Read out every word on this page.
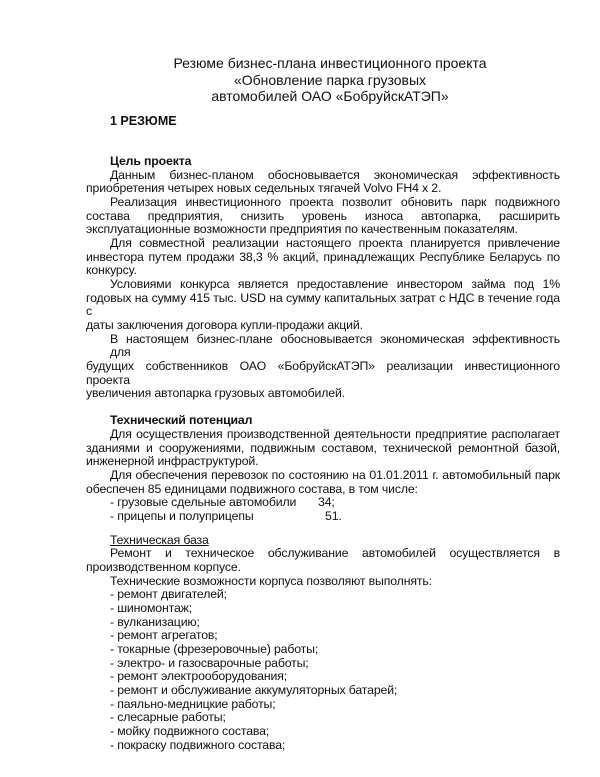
Резюме бизнес-плана инвестиционного проекта
«Обновление парка грузовых
автомобилей ОАО «БобруйскАТЭП»
1 РЕЗЮМЕ
Цель проекта
Данным бизнес-планом обосновывается экономическая эффективность
приобретения четырех новых седельных тягачей Volvo FH4 x 2.
Реализация инвестиционного проекта позволит обновить парк подвижного
состава предприятия, снизить уровень износа автопарка, расширить
эксплуатационные возможности предприятия по качественным показателям.
Для совместной реализации настоящего проекта планируется привлечение
инвестора путем продажи 38,3 % акций, принадлежащих Республике Беларусь по
конкурсу.
Условиями конкурса является предоставление инвестором займа под 1%
годовых на сумму 415 тыс. USD на сумму капитальных затрат с НДС в течение года с
даты заключения договора купли-продажи акций.
В настоящем бизнес-плане обосновывается экономическая эффективность для
будущих собственников ОАО «БобруйскАТЭП» реализации инвестиционного проекта
увеличения автопарка грузовых автомобилей.
Технический потенциал
Для осуществления производственной деятельности предприятие располагает
зданиями и сооружениями, подвижным составом, технической ремонтной базой,
инженерной инфраструктурой.
Для обеспечения перевозок по состоянию на 01.01.2011 г. автомобильный парк
обеспечен 85 единицами подвижного состава, в том числе:
- грузовые сдельные автомобили	34;
- прицепы и полуприцепы	51.
Техническая база
Ремонт и техническое обслуживание автомобилей осуществляется в
производственном корпусе.
Технические возможности корпуса позволяют выполнять:
- ремонт двигателей;
- шиномонтаж;
- вулканизацию;
- ремонт агрегатов;
- токарные (фрезеровочные) работы;
- электро- и газосварочные работы;
- ремонт электрооборудования;
- ремонт и обслуживание аккумуляторных батарей;
- паяльно-медницкие работы;
- слесарные работы;
- мойку подвижного состава;
- покраску подвижного состава;
